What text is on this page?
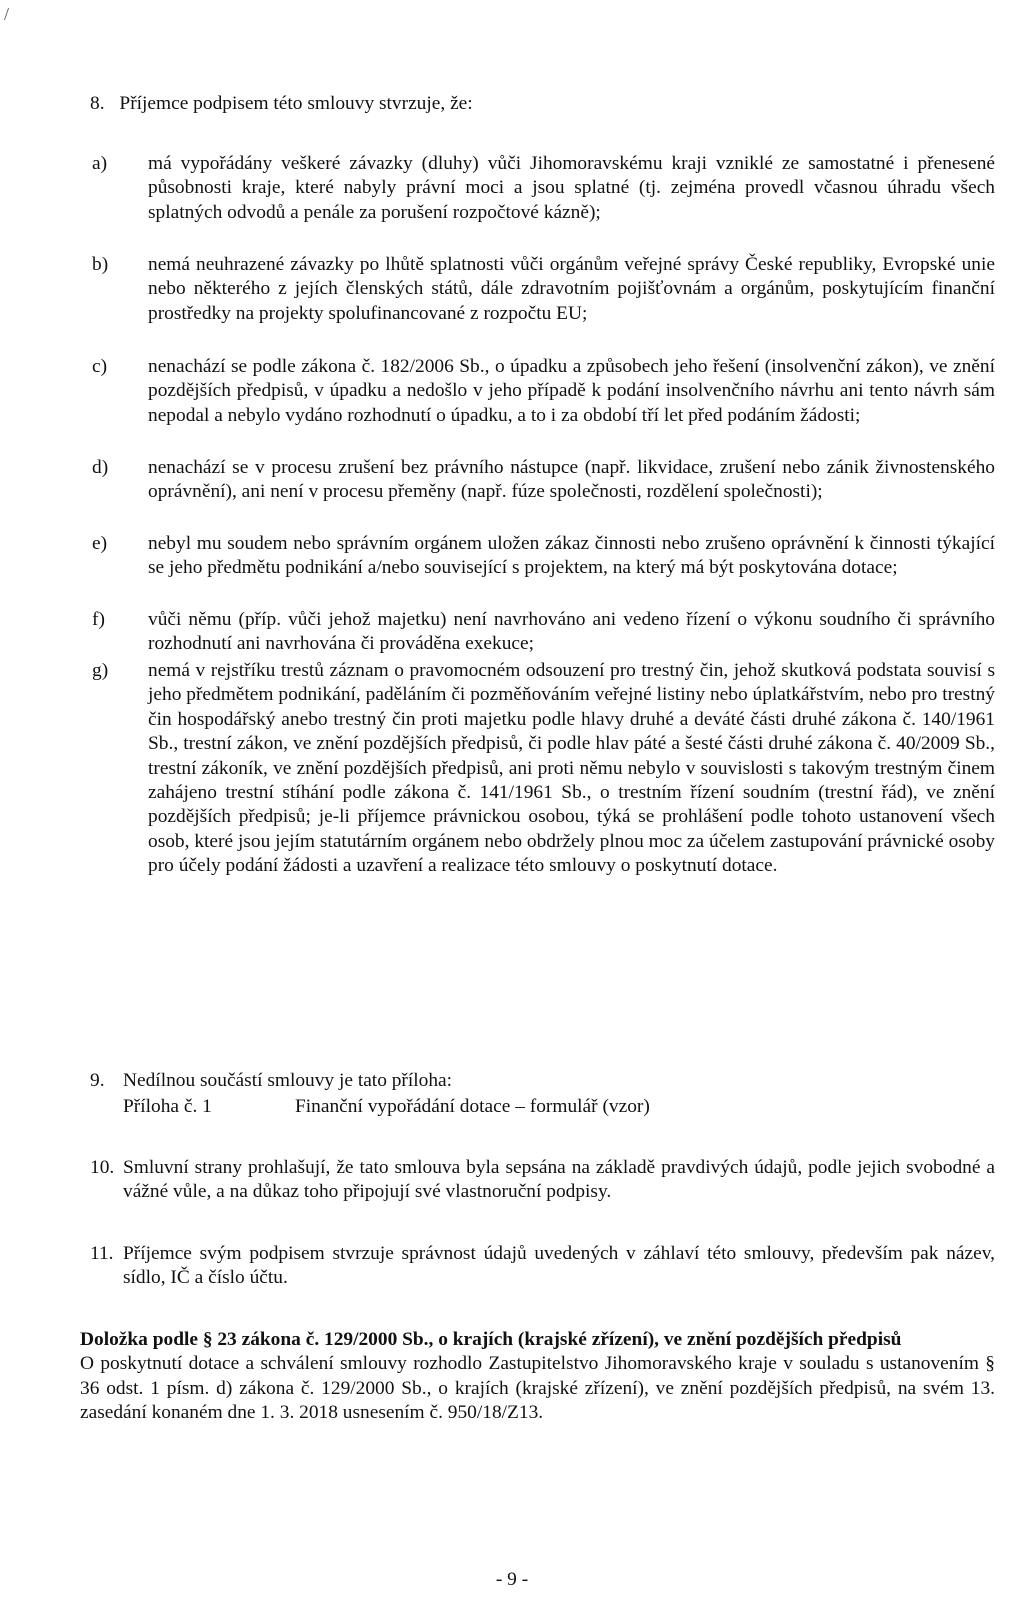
/
8. Příjemce podpisem této smlouvy stvrzuje, že:
a) má vypořádány veškeré závazky (dluhy) vůči Jihomoravskému kraji vzniklé ze samostatné i přenesené působnosti kraje, které nabyly právní moci a jsou splatné (tj. zejména provedl včasnou úhradu všech splatných odvodů a penále za porušení rozpočtové kázně);
b) nemá neuhrazené závazky po lhůtě splatnosti vůči orgánům veřejné správy České republiky, Evropské unie nebo některého z jejích členských států, dále zdravotním pojišťovnám a orgánům, poskytujícím finanční prostředky na projekty spolufinancované z rozpočtu EU;
c) nenachází se podle zákona č. 182/2006 Sb., o úpadku a způsobech jeho řešení (insolvenční zákon), ve znění pozdějších předpisů, v úpadku a nedošlo v jeho případě k podání insolvenčního návrhu ani tento návrh sám nepodal a nebylo vydáno rozhodnutí o úpadku, a to i za období tří let před podáním žádosti;
d) nenachází se v procesu zrušení bez právního nástupce (např. likvidace, zrušení nebo zánik živnostenského oprávnění), ani není v procesu přeměny (např. fúze společnosti, rozdělení společnosti);
e) nebyl mu soudem nebo správním orgánem uložen zákaz činnosti nebo zrušeno oprávnění k činnosti týkající se jeho předmětu podnikání a/nebo související s projektem, na který má být poskytována dotace;
f) vůči němu (příp. vůči jehož majetku) není navrhováno ani vedeno řízení o výkonu soudního či správního rozhodnutí ani navrhována či prováděna exekuce;
g) nemá v rejstříku trestů záznam o pravomocném odsouzení pro trestný čin, jehož skutková podstata souvisí s jeho předmětem podnikání, paděláním či pozměňováním veřejné listiny nebo úplatkářstvím, nebo pro trestný čin hospodářský anebo trestný čin proti majetku podle hlavy druhé a deváté části druhé zákona č. 140/1961 Sb., trestní zákon, ve znění pozdějších předpisů, či podle hlav páté a šesté části druhé zákona č. 40/2009 Sb., trestní zákoník, ve znění pozdějších předpisů, ani proti němu nebylo v souvislosti s takovým trestným činem zahájeno trestní stíhání podle zákona č. 141/1961 Sb., o trestním řízení soudním (trestní řád), ve znění pozdějších předpisů; je-li příjemce právnickou osobou, týká se prohlášení podle tohoto ustanovení všech osob, které jsou jejím statutárním orgánem nebo obdržely plnou moc za účelem zastupování právnické osoby pro účely podání žádosti a uzavření a realizace této smlouvy o poskytnutí dotace.
9. Nedílnou součástí smlouvy je tato příloha:
Příloha č. 1	Finanční vypořádání dotace – formulář (vzor)
10. Smluvní strany prohlašují, že tato smlouva byla sepsána na základě pravdivých údajů, podle jejich svobodné a vážné vůle, a na důkaz toho připojují své vlastnoruční podpisy.
11. Příjemce svým podpisem stvrzuje správnost údajů uvedených v záhlaví této smlouvy, především pak název, sídlo, IČ a číslo účtu.
Doložka podle § 23 zákona č. 129/2000 Sb., o krajích (krajské zřízení), ve znění pozdějších předpisů
O poskytnutí dotace a schválení smlouvy rozhodlo Zastupitelstvo Jihomoravského kraje v souladu s ustanovením § 36 odst. 1 písm. d) zákona č. 129/2000 Sb., o krajích (krajské zřízení), ve znění pozdějších předpisů, na svém 13. zasedání konaném dne 1. 3. 2018 usnesením č. 950/18/Z13.
- 9 -
